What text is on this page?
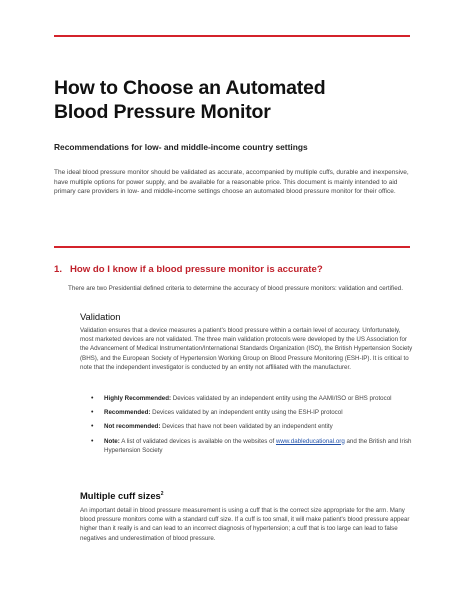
How to Choose an Automated
Blood Pressure Monitor
Recommendations for low- and middle-income country settings
The ideal blood pressure monitor should be validated as accurate, accompanied by multiple cuffs, durable and inexpensive, have multiple options for power supply, and be available for a reasonable price. This document is mainly intended to aid primary care providers in low- and middle-income settings choose an automated blood pressure monitor for their office.
1. How do I know if a blood pressure monitor is accurate?
There are two Presidential defined criteria to determine the accuracy of blood pressure monitors: validation and certified.
Validation
Validation ensures that a device measures a patient's blood pressure within a certain level of accuracy. Unfortunately, most marketed devices are not validated. The three main validation protocols were developed by the US Association for the Advancement of Medical Instrumentation/International Standards Organization (ISO), the British Hypertension Society (BHS), and the European Society of Hypertension Working Group on Blood Pressure Monitoring (ESH-IP). It is critical to note that the independent investigator is conducted by an entity not affiliated with the manufacturer.
• Highly Recommended: Devices validated by an independent entity using the AAMI/ISO or BHS protocol
• Recommended: Devices validated by an independent entity using the ESH-IP protocol
• Not recommended: Devices that have not been validated by an independent entity
• Note: A list of validated devices is available on the websites of www.dableducational.org and the British and Irish Hypertension Society
Multiple cuff sizes$^2$
An important detail in blood pressure measurement is using a cuff that is the correct size appropriate for the arm. Many blood pressure monitors come with a standard cuff size. If a cuff is too small, it will make patient's blood pressure appear higher than it really is and can lead to an incorrect diagnosis of hypertension; a cuff that is too large can lead to false negatives and underestimation of blood pressure.
